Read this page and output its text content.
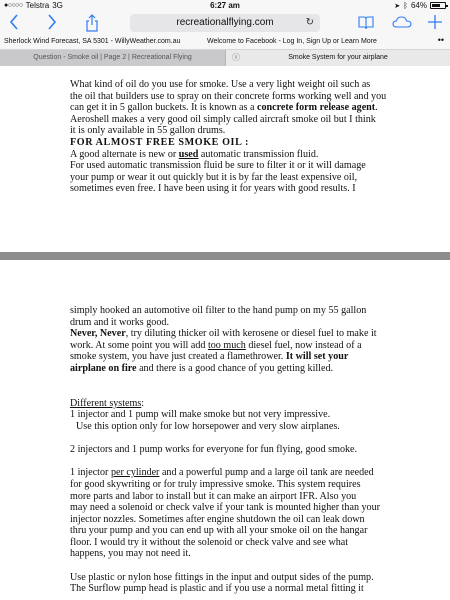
●○○○○ Telstra 3G	6:27 am	➤ ᛒ 64%
recreationalflying.com	↻
Sherlock Wind Forecast, SA 5301 - WillyWeather.com.au	Welcome to Facebook - Log In, Sign Up or Learn More	••
Question - Smoke oil | Page 2 | Recreational Flying	ⓧ	Smoke System for your airplane

What kind of oil do you use for smoke. Use a very light weight oil such as

the oil that builders use to spray on their concrete forms working well and you

can get it in 5 gallon buckets. It is known as a concrete form release agent.

Aeroshell makes a very good oil simply called aircraft smoke oil but I think

it is only available in 55 gallon drums.

FOR ALMOST FREE SMOKE OIL :

A good alternate is new or used automatic transmission fluid.

For used automatic transmission fluid be sure to filter it or it will damage

your pump or wear it out quickly but it is by far the least expensive oil,

sometimes even free. I have been using it for years with good results. I

simply hooked an automotive oil filter to the hand pump on my 55 gallon

drum and it works good.

Never, Never, try diluting thicker oil with kerosene or diesel fuel to make it

work. At some point you will add too much diesel fuel, now instead of a

smoke system, you have just created a flamethrower. It will set your

airplane on fire and there is a good chance of you getting killed.

Different systems:

1 injector and 1 pump will make smoke but not very impressive.

Use this option only for low horsepower and very slow airplanes.

2 injectors and 1 pump works for everyone for fun flying, good smoke.

1 injector per cylinder and a powerful pump and a large oil tank are needed

for good skywriting or for truly impressive smoke. This system requires

more parts and labor to install but it can make an airport IFR. Also you

may need a solenoid or check valve if your tank is mounted higher than your

injector nozzles. Sometimes after engine shutdown the oil can leak down

thru your pump and you can end up with all your smoke oil on the hangar

floor. I would try it without the solenoid or check valve and see what

happens, you may not need it.

Use plastic or nylon hose fittings in the input and output sides of the pump.

The Surflow pump head is plastic and if you use a normal metal fitting it
